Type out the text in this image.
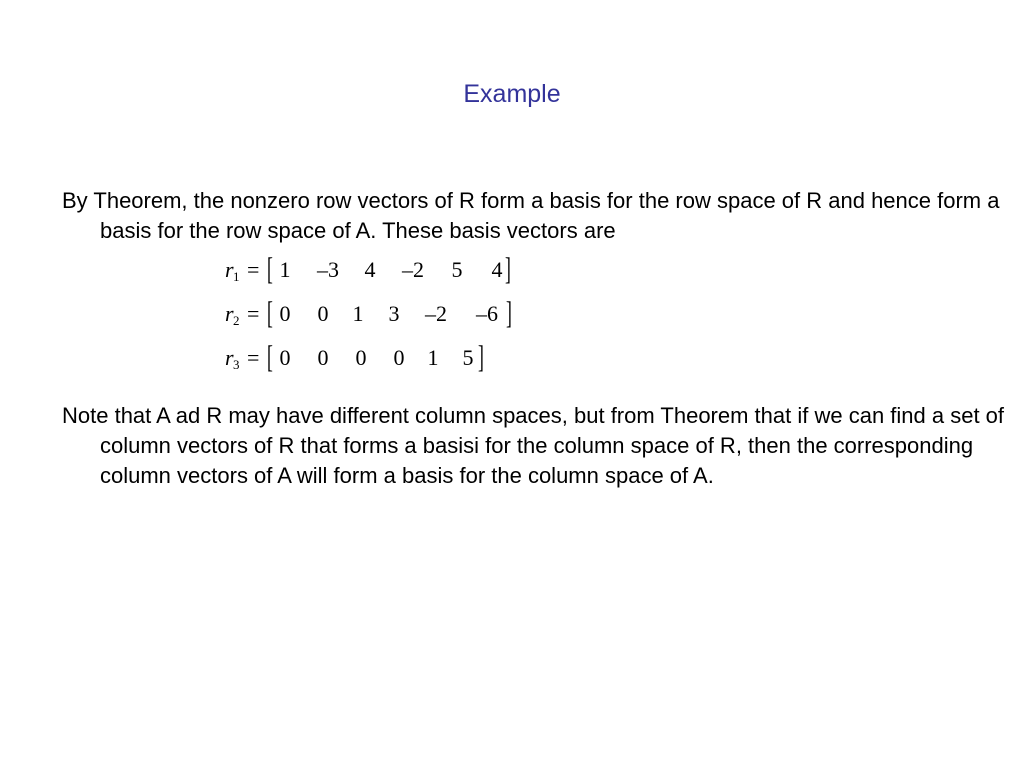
Example
By Theorem, the nonzero row vectors of R form a basis for the row space of R and hence form a basis for the row space of A. These basis vectors are
r 1 = [ 1	–3	4	–2	5	4 ]
r 2 = [ 0	0	1	3	–2	–6 ]
r 3 = [ 0	0	0	0	1	5 ]
Note that A ad R may have different column spaces, but from Theorem that if we can find a set of column vectors of R that forms a basisi for the column space of R, then the corresponding column vectors of A will form a basis for the column space of A.
